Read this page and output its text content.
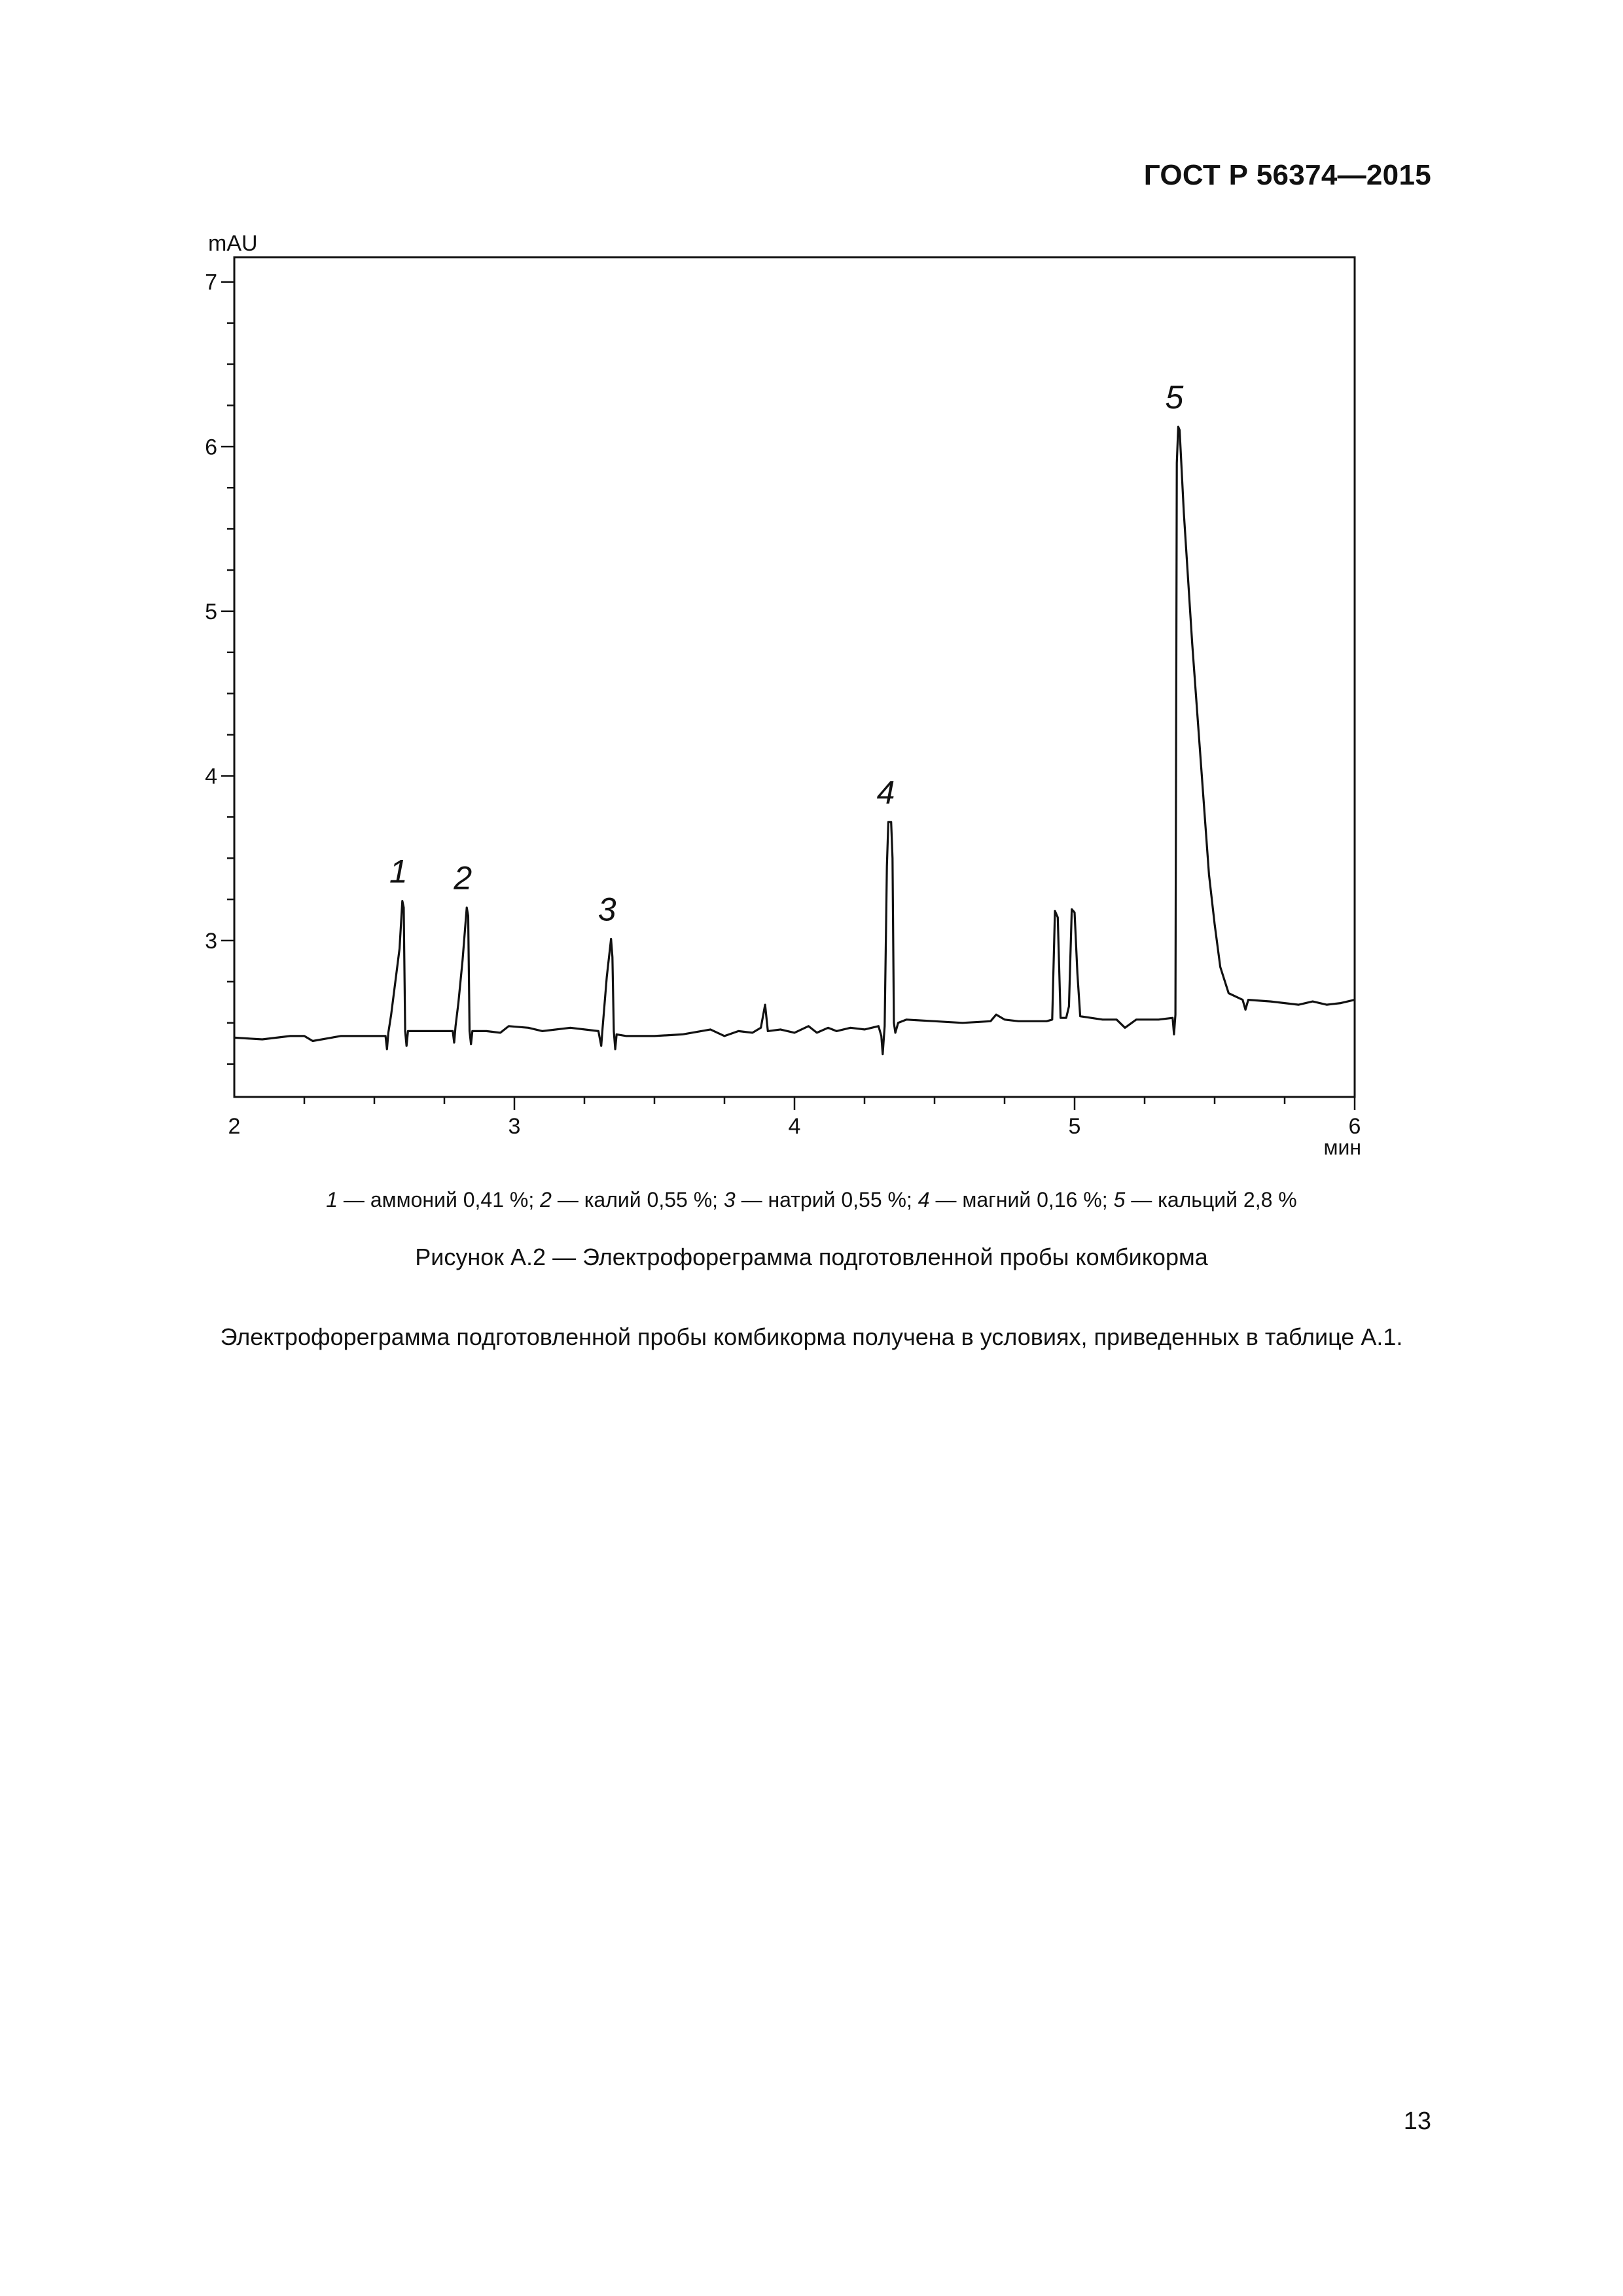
ГОСТ Р 56374—2015
3
4
5
6
7
2	3	4	5	6
mAU
мин
1 2
3
4
5
1 — аммоний 0,41 %; 2 — калий 0,55 %; 3 — натрий 0,55 %; 4 — магний 0,16 %; 5 — кальций 2,8 %
Рисунок А.2 — Электрофореграмма подготовленной пробы комбикорма
Электрофореграмма подготовленной пробы комбикорма получена в условиях, приведенных в таблице А.1.
13
